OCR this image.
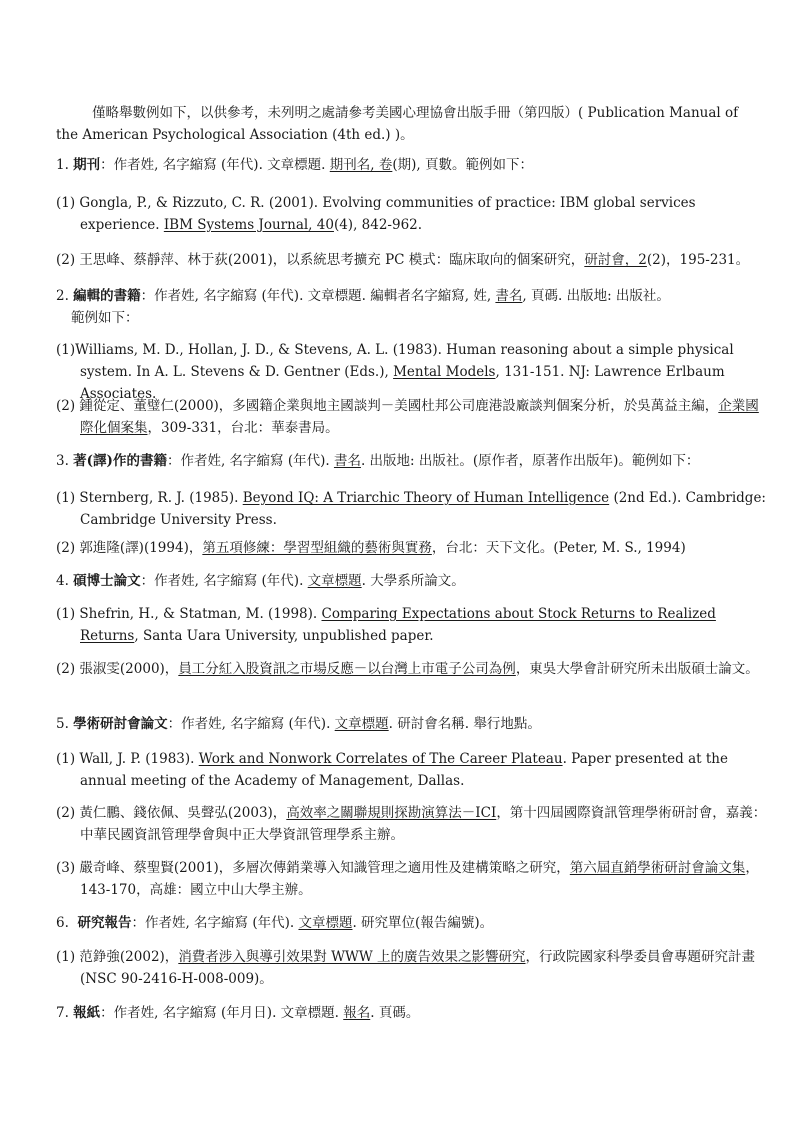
僅略舉數例如下，以供參考，未列明之處請參考美國心理協會出版手冊（第四版）( Publication Manual of the American Psychological Association (4th ed.) )。
1. 期刊：作者姓, 名字縮寫 (年代). 文章標題. 期刊名, 卷(期), 頁數。範例如下：
(1) Gongla, P., & Rizzuto, C. R. (2001). Evolving communities of practice: IBM global services experience. IBM Systems Journal, 40(4), 842-962.
(2) 王思峰、蔡靜萍、林于荻(2001)，以系統思考擴充 PC 模式：臨床取向的個案研究，研討會，2(2)，195-231。
2. 編輯的書籍：作者姓, 名字縮寫 (年代). 文章標題. 編輯者名字縮寫, 姓, 書名, 頁碼. 出版地: 出版社。
範例如下：
(1)Williams, M. D., Hollan, J. D., & Stevens, A. L. (1983). Human reasoning about a simple physical system. In A. L. Stevens & D. Gentner (Eds.), Mental Models, 131-151. NJ: Lawrence Erlbaum Associates.
(2) 鍾從定、董璧仁(2000)，多國籍企業與地主國談判－美國杜邦公司鹿港設廠談判個案分析，於吳萬益主編，企業國際化個案集，309-331，台北：華泰書局。
3. 著(譯)作的書籍：作者姓, 名字縮寫 (年代). 書名. 出版地: 出版社。(原作者，原著作出版年)。範例如下：
(1) Sternberg, R. J. (1985). Beyond IQ: A Triarchic Theory of Human Intelligence (2nd Ed.). Cambridge: Cambridge University Press.
(2) 郭進隆(譯)(1994)，第五項修練：學習型組織的藝術與實務，台北：天下文化。(Peter, M. S., 1994)
4. 碩博士論文：作者姓, 名字縮寫 (年代). 文章標題. 大學系所論文。
(1) Shefrin, H., & Statman, M. (1998). Comparing Expectations about Stock Returns to Realized Returns, Santa Uara University, unpublished paper.
(2) 張淑雯(2000)，員工分紅入股資訊之市場反應－以台灣上市電子公司為例，東吳大學會計研究所未出版碩士論文。
5. 學術研討會論文：作者姓, 名字縮寫 (年代). 文章標題. 研討會名稱. 舉行地點。
(1) Wall, J. P. (1983). Work and Nonwork Correlates of The Career Plateau. Paper presented at the annual meeting of the Academy of Management, Dallas.
(2) 黃仁鵬、錢依佩、吳聲弘(2003)，高效率之關聯規則探勘演算法－ICI，第十四屆國際資訊管理學術研討會，嘉義：中華民國資訊管理學會與中正大學資訊管理學系主辦。
(3) 嚴奇峰、蔡聖賢(2001)，多層次傳銷業導入知識管理之適用性及建構策略之研究，第六屆直銷學術研討會論文集，143-170，高雄：國立中山大學主辦。
6.  研究報告：作者姓, 名字縮寫 (年代). 文章標題. 研究單位(報告編號)。
(1) 范錚強(2002)，消費者涉入與導引效果對 WWW 上的廣告效果之影響研究，行政院國家科學委員會專題研究計畫(NSC 90-2416-H-008-009)。
7. 報紙：作者姓, 名字縮寫 (年月日). 文章標題. 報名. 頁碼。
